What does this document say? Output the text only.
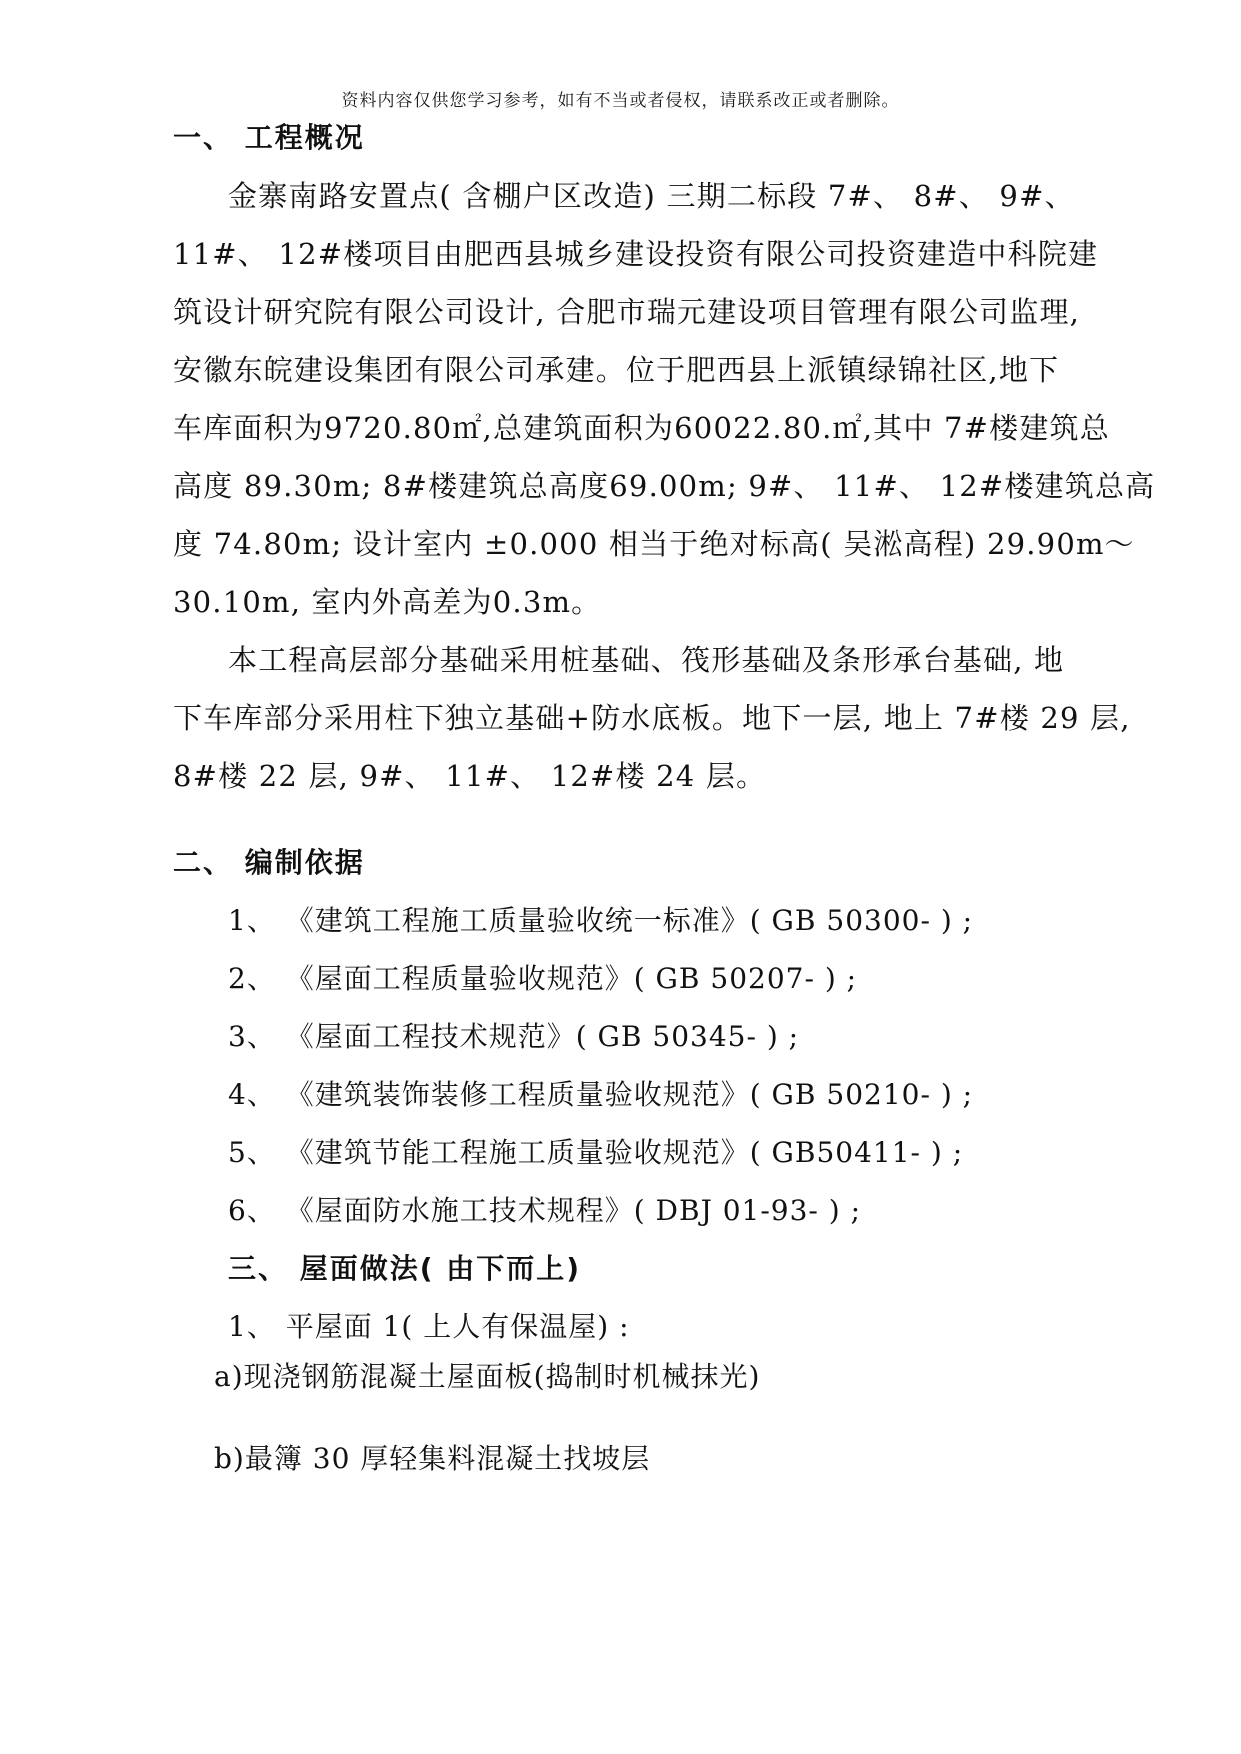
资料内容仅供您学习参考，如有不当或者侵权，请联系改正或者删除。
一、 工程概况
金寨南路安置点( 含棚户区改造) 三期二标段 7#、 8#、 9#、
11#、 12#楼项目由肥西县城乡建设投资有限公司投资建造中科院建
筑设计研究院有限公司设计, 合肥市瑞元建设项目管理有限公司监理,
安徽东皖建设集团有限公司承建。位于肥西县上派镇绿锦社区,地下
车库面积为9720.80㎡,总建筑面积为60022.80.㎡,其中 7#楼建筑总
高度 89.30m; 8#楼建筑总高度69.00m; 9#、 11#、 12#楼建筑总高
度 74.80m; 设计室内 ±0.000 相当于绝对标高( 吴淞高程) 29.90m～
30.10m, 室内外高差为0.3m。
本工程高层部分基础采用桩基础、筏形基础及条形承台基础, 地
下车库部分采用柱下独立基础+防水底板。地下一层, 地上 7#楼 29 层,
8#楼 22 层, 9#、 11#、 12#楼 24 层。
二、 编制依据
1、 《建筑工程施工质量验收统一标准》( GB 50300- ) ;
2、 《屋面工程质量验收规范》( GB 50207- ) ;
3、 《屋面工程技术规范》( GB 50345- ) ;
4、 《建筑装饰装修工程质量验收规范》( GB 50210- ) ;
5、 《建筑节能工程施工质量验收规范》( GB50411- ) ;
6、 《屋面防水施工技术规程》( DBJ 01-93- ) ;
三、 屋面做法( 由下而上)
1、 平屋面 1( 上人有保温屋) :
a)现浇钢筋混凝土屋面板(捣制时机械抹光)
b)最簿 30 厚轻集料混凝土找坡层
